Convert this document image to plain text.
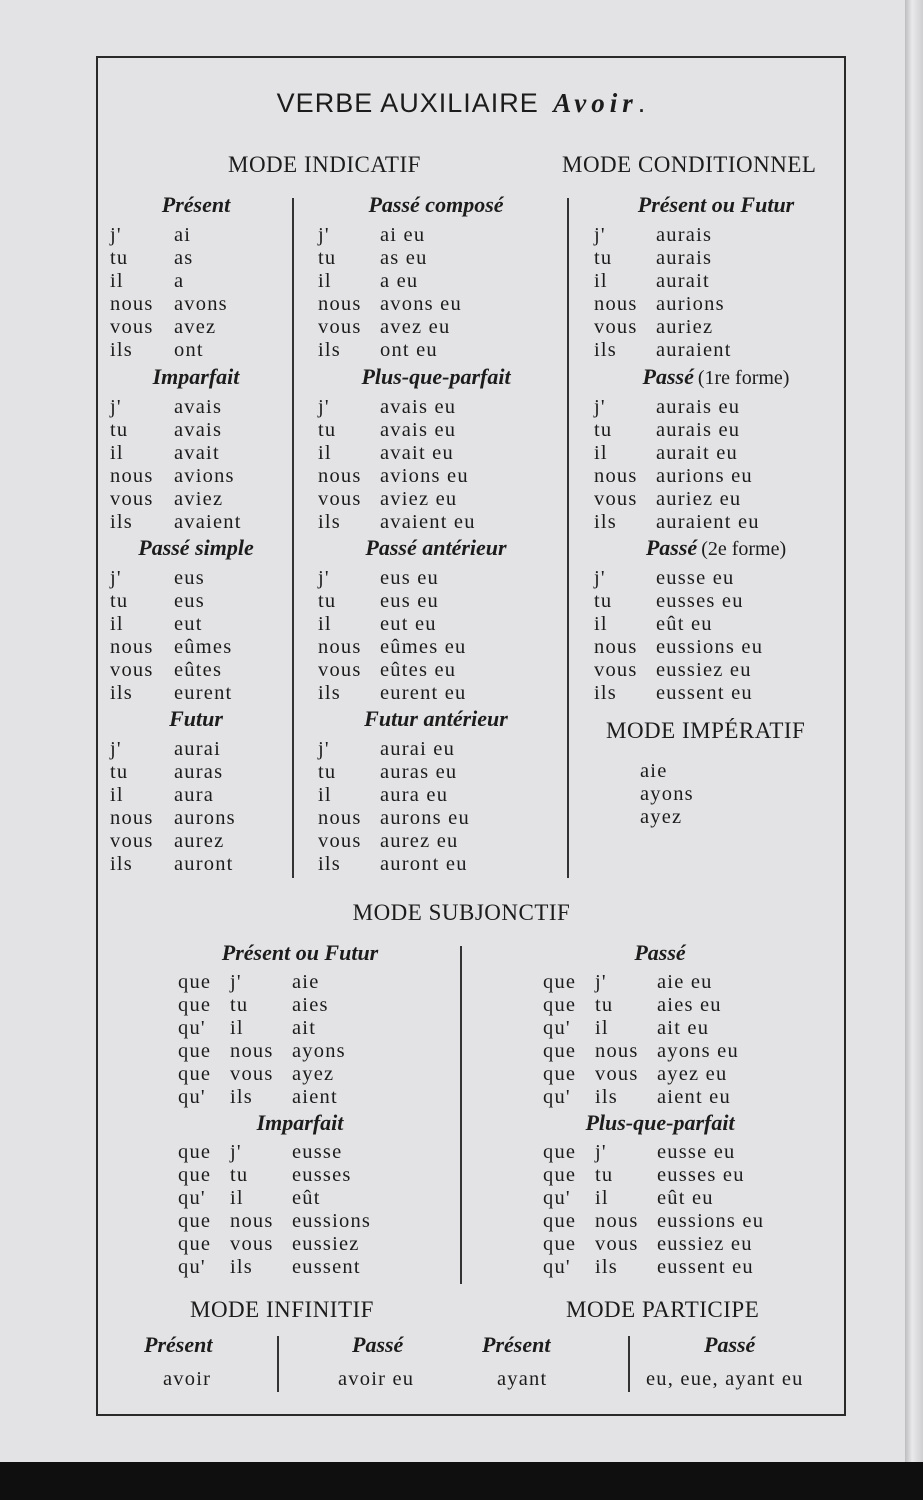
VERBE AUXILIAIRE Avoir.
MODE INDICATIF	MODE CONDITIONNEL
Présent
j'	ai
tu as
il a
nous avons
vous avez
ils ont
Imparfait
j'	avais
tu avais
il avait
nous avions
vous aviez
ils avaient
Passé simple
j'	eus
tu eus
il eut
nous eûmes
vous eûtes
ils eurent
Futur
j'	aurai
tu auras
il aura
nous aurons
vous aurez
ils auront
Passé composé
j' ai eu
tu as eu
il a eu
nous avons eu
vous avez eu
ils ont eu
Plus-que-parfait
j' avais eu
tu avais eu
il avait eu
nous avions eu
vous aviez eu
ils avaient eu
Passé antérieur
j' eus eu
tu eus eu
il eut eu
nous eûmes eu
vous eûtes eu
ils eurent eu
Futur antérieur
j' aurai eu
tu auras eu
il aura eu
nous aurons eu
vous aurez eu
ils auront eu
Présent ou Futur
j' aurais
tu aurais
il aurait
nous aurions
vous auriez
ils auraient
Passé (1re forme)
j' aurais eu
tu aurais eu
il aurait eu
nous aurions eu
vous auriez eu
ils auraient eu
Passé (2e forme)
j' eusse eu
tu eusses eu
il eût eu
nous eussions eu
vous eussiez eu
ils eussent eu
MODE IMPÉRATIF
aie
ayons
ayez
MODE SUBJONCTIF
Présent ou Futur
que j' aie
que tu aies
qu' il ait
que nous ayons
que vous ayez
qu' ils aient
Imparfait
que j' eusse
que tu eusses
qu' il eût
que nous eussions
que vous eussiez
qu' ils eussent
Passé
que j' aie eu
que tu aies eu
qu' il ait eu
que nous ayons eu
que vous ayez eu
qu' ils aient eu
Plus-que-parfait
que j' eusse eu
que tu eusses eu
qu' il eût eu
que nous eussions eu
que vous eussiez eu
qu' ils eussent eu
MODE INFINITIF	MODE PARTICIPE
Présent
avoir
Passé
avoir eu
Présent
ayant
Passé
eu, eue, ayant eu
